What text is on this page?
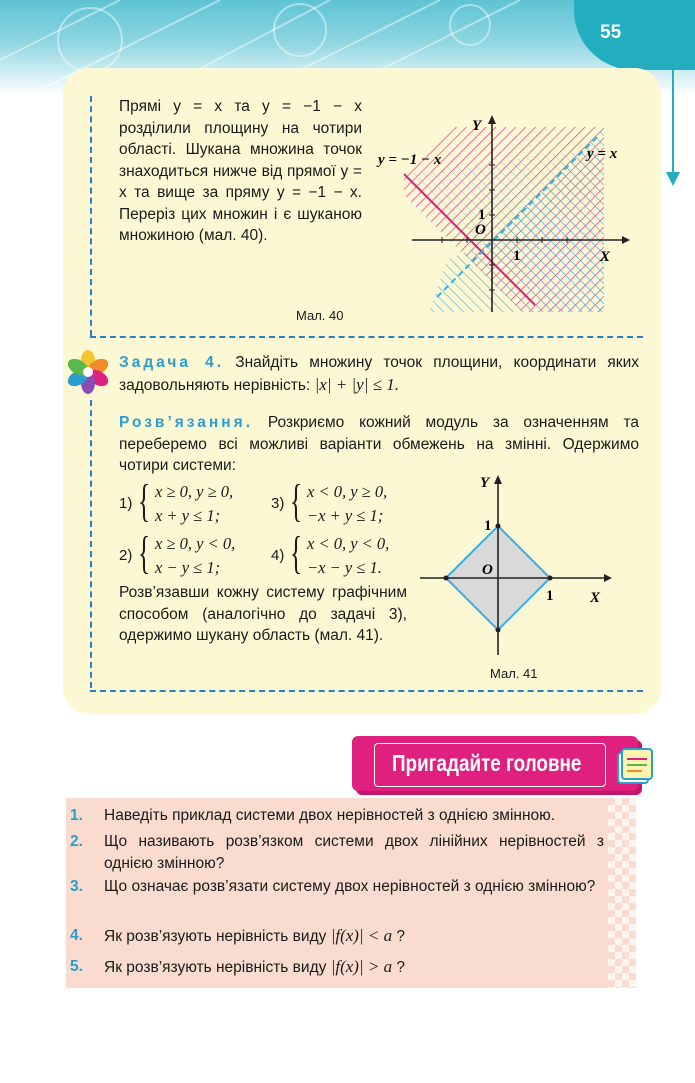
55
Прямі y = x та y = −1 − x розділили площину на чотири області. Шукана множина точок знаходиться нижче від прямої y = x та вище за пряму y = −1 − x. Переріз цих множин і є шуканою множиною (мал. 40).
Y
X
O
1
1
y = −1 − x	y = x
Мал. 40
Задача 4. Знайдіть множину точок площини, координати яких задовольняють нерівність: |x| + |y| ≤ 1.
Розв’язання. Розкриємо кожний модуль за означенням та переберемо всі можливі варіанти обмежень на змінні. Одержимо чотири системи:
1) { x ≥ 0, y ≥ 0,
x + y ≤ 1;
2) { x ≥ 0, y < 0,
x − y ≤ 1;
3) { x < 0, y ≥ 0,
−x + y ≤ 1;
4) { x < 0, y < 0,
−x − y ≤ 1.
Розв’язавши кожну систему графічним способом (аналогічно до задачі 3), одержимо шукану область (мал. 41).
Y
X
O
1
1
Мал. 41
Пригадайте головне
1. Наведіть приклад системи двох нерівностей з однією змінною.
2. Що називають розв’язком системи двох лінійних нерівностей з однією змінною?
3. Що означає розв’язати систему двох нерівностей з однією змінною?
4. Як розв’язують нерівність виду |f(x)| < a ?
5. Як розв’язують нерівність виду |f(x)| > a ?
